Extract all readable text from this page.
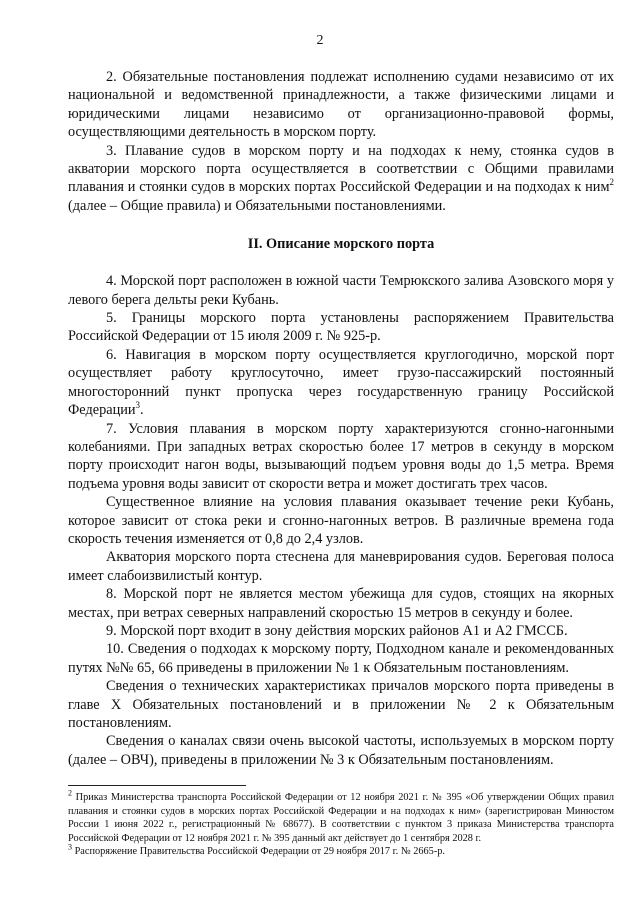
2

2. Обязательные постановления подлежат исполнению судами независимо от их национальной и ведомственной принадлежности, а также физическими лицами и юридическими лицами независимо от организационно-правовой формы, осуществляющими деятельность в морском порту.

3. Плавание судов в морском порту и на подходах к нему, стоянка судов в акватории морского порта осуществляется в соответствии с Общими правилами плавания и стоянки судов в морских портах Российской Федерации и на подходах к ним$^2$ (далее – Общие правила) и Обязательными постановлениями.

II. Описание морского порта

4. Морской порт расположен в южной части Темрюкского залива Азовского моря у левого берега дельты реки Кубань.

5. Границы морского порта установлены распоряжением Правительства Российской Федерации от 15 июля 2009 г. № 925-р.

6. Навигация в морском порту осуществляется круглогодично, морской порт осуществляет работу круглосуточно, имеет грузо-пассажирский постоянный многосторонний пункт пропуска через государственную границу Российской Федерации$^3$.

7. Условия плавания в морском порту характеризуются сгонно-нагонными колебаниями. При западных ветрах скоростью более 17 метров в секунду в морском порту происходит нагон воды, вызывающий подъем уровня воды до 1,5 метра. Время подъема уровня воды зависит от скорости ветра и может достигать трех часов.

Существенное влияние на условия плавания оказывает течение реки Кубань, которое зависит от стока реки и сгонно-нагонных ветров. В различные времена года скорость течения изменяется от 0,8 до 2,4 узлов.

Акватория морского порта стеснена для маневрирования судов. Береговая полоса имеет слабоизвилистый контур.

8. Морской порт не является местом убежища для судов, стоящих на якорных местах, при ветрах северных направлений скоростью 15 метров в секунду и более.

9. Морской порт входит в зону действия морских районов А1 и А2 ГМССБ.

10. Сведения о подходах к морскому порту, Подходном канале и рекомендованных путях №№ 65, 66 приведены в приложении № 1 к Обязательным постановлениям.

Сведения о технических характеристиках причалов морского порта приведены в главе X Обязательных постановлений и в приложении № 2 к Обязательным постановлениям.

Сведения о каналах связи очень высокой частоты, используемых в морском порту (далее – ОВЧ), приведены в приложении № 3 к Обязательным постановлениям.

$^2$ Приказ Министерства транспорта Российской Федерации от 12 ноября 2021 г. № 395 «Об утверждении Общих правил плавания и стоянки судов в морских портах Российской Федерации и на подходах к ним» (зарегистрирован Минюстом России 1 июня 2022 г., регистрационный № 68677). В соответствии с пунктом 3 приказа Министерства транспорта Российской Федерации от 12 ноября 2021 г. № 395 данный акт действует до 1 сентября 2028 г.

$^3$ Распоряжение Правительства Российской Федерации от 29 ноября 2017 г. № 2665-р.
